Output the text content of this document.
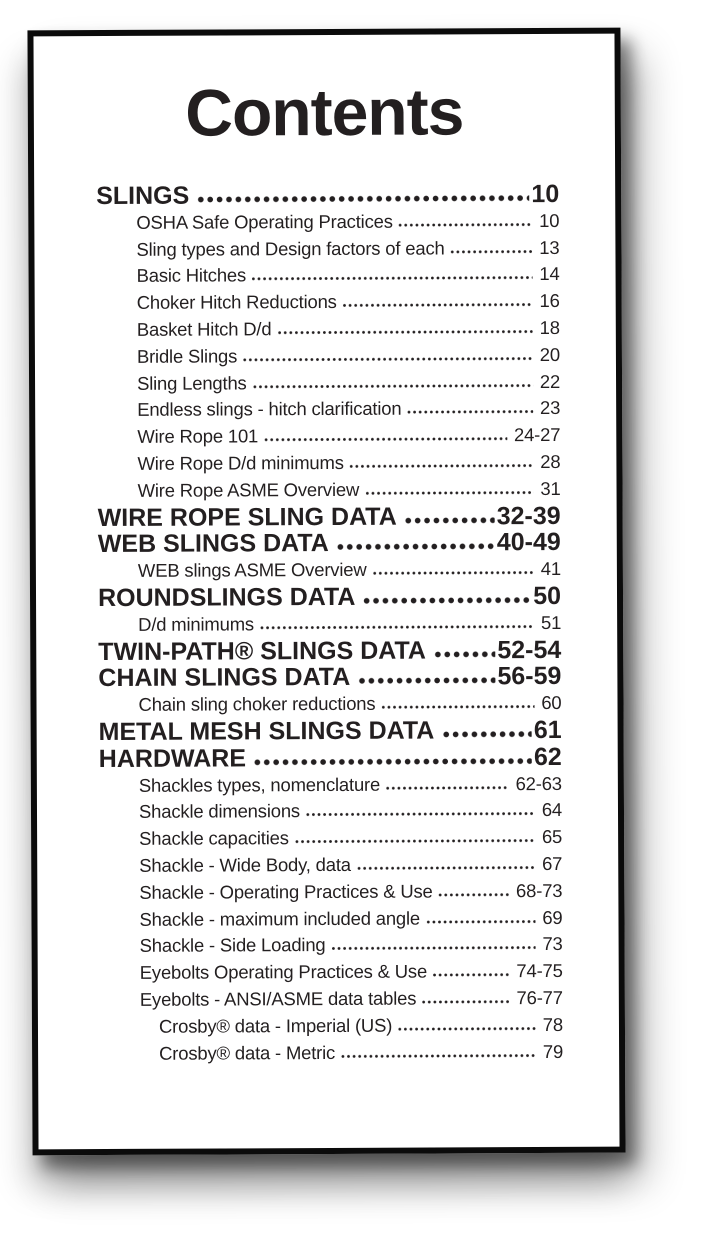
Contents
SLINGS	10
OSHA Safe Operating Practices	10
Sling types and Design factors of each	13
Basic Hitches	14
Choker Hitch Reductions	16
Basket Hitch D/d	18
Bridle Slings	20
Sling Lengths	22
Endless slings - hitch clarification	23
Wire Rope 101	24-27
Wire Rope D/d minimums	28
Wire Rope ASME Overview	31
WIRE ROPE SLING DATA	32-39
WEB SLINGS DATA	40-49
WEB slings ASME Overview	41
ROUNDSLINGS DATA	50
D/d minimums	51
TWIN-PATH® SLINGS DATA	52-54
CHAIN SLINGS DATA	56-59
Chain sling choker reductions	60
METAL MESH SLINGS DATA	61
HARDWARE	62
Shackles types, nomenclature	62-63
Shackle dimensions	64
Shackle capacities	65
Shackle - Wide Body, data	67
Shackle - Operating Practices & Use	68-73
Shackle - maximum included angle	69
Shackle - Side Loading	73
Eyebolts Operating Practices & Use	74-75
Eyebolts - ANSI/ASME data tables	76-77
Crosby® data - Imperial (US)	78
Crosby® data - Metric	79
